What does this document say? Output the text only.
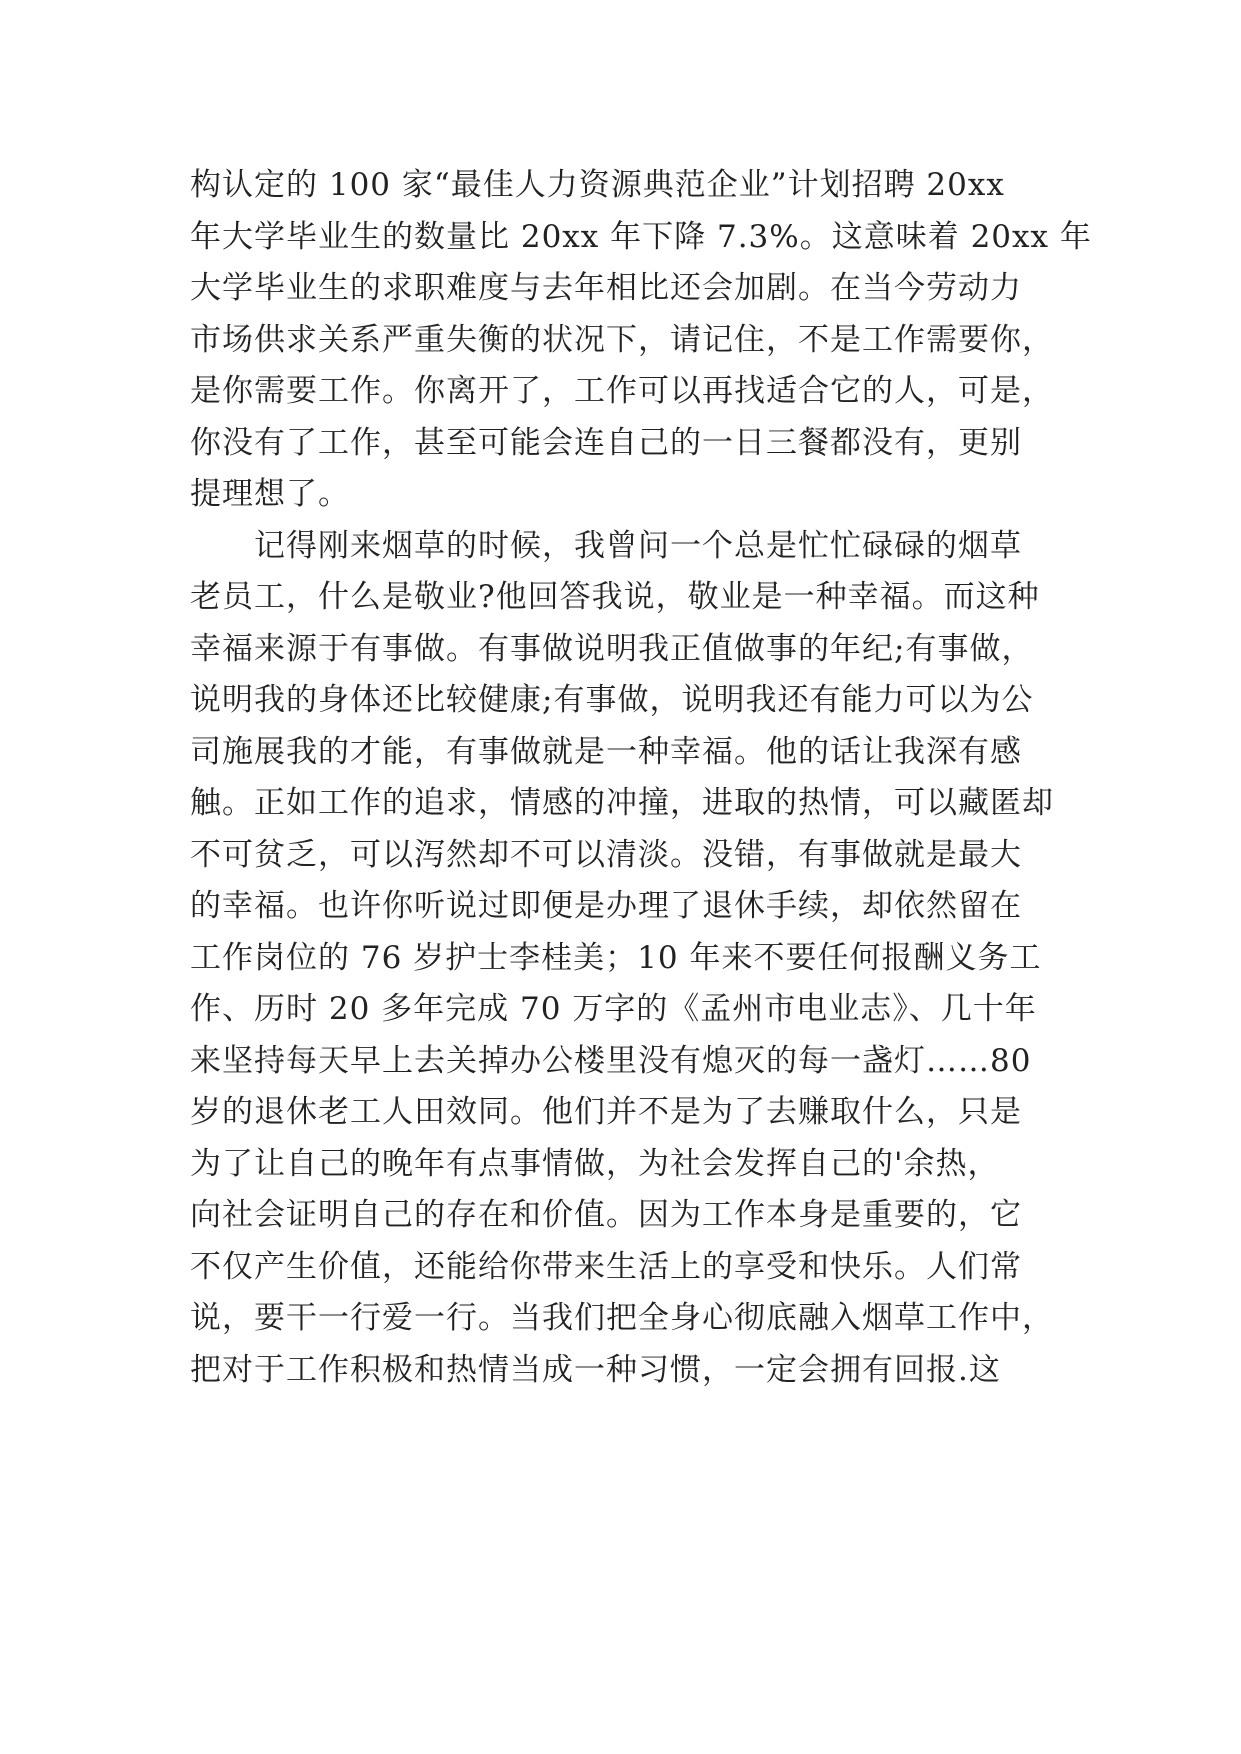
构认定的 100 家“最佳人力资源典范企业”计划招聘 20xx
年大学毕业生的数量比 20xx 年下降 7.3%。这意味着 20xx 年
大学毕业生的求职难度与去年相比还会加剧。在当今劳动力
市场供求关系严重失衡的状况下，请记住，不是工作需要你，
是你需要工作。你离开了，工作可以再找适合它的人，可是，
你没有了工作，甚至可能会连自己的一日三餐都没有，更别
提理想了。
记得刚来烟草的时候，我曾问一个总是忙忙碌碌的烟草
老员工，什么是敬业?他回答我说，敬业是一种幸福。而这种
幸福来源于有事做。有事做说明我正值做事的年纪;有事做，
说明我的身体还比较健康;有事做，说明我还有能力可以为公
司施展我的才能，有事做就是一种幸福。他的话让我深有感
触。正如工作的追求，情感的冲撞，进取的热情，可以藏匿却
不可贫乏，可以泻然却不可以清淡。没错，有事做就是最大
的幸福。也许你听说过即便是办理了退休手续，却依然留在
工作岗位的 76 岁护士李桂美；10 年来不要任何报酬义务工
作、历时 20 多年完成 70 万字的《孟州市电业志》、几十年
来坚持每天早上去关掉办公楼里没有熄灭的每一盏灯……80
岁的退休老工人田效同。他们并不是为了去赚取什么，只是
为了让自己的晚年有点事情做，为社会发挥自己的'余热，
向社会证明自己的存在和价值。因为工作本身是重要的，它
不仅产生价值，还能给你带来生活上的享受和快乐。人们常
说，要干一行爱一行。当我们把全身心彻底融入烟草工作中，
把对于工作积极和热情当成一种习惯，一定会拥有回报.这
